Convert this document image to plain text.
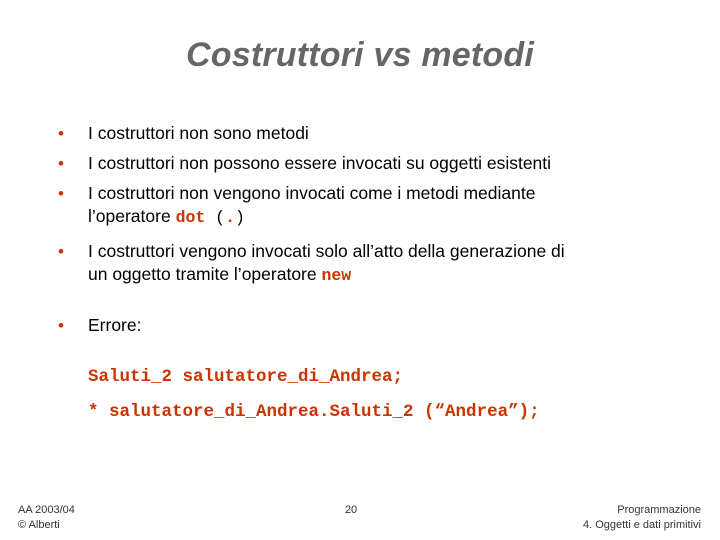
Costruttori vs metodi
• I costruttori non sono metodi
• I costruttori non possono essere invocati su oggetti esistenti
• I costruttori non vengono invocati come i metodi mediante
l’operatore dot (.)
• I costruttori vengono invocati solo all’atto della generazione di
un oggetto tramite l’operatore new
• Errore:
Saluti_2 salutatore_di_Andrea;
* salutatore_di_Andrea.Saluti_2 (“Andrea”);
AA 2003/04
© Alberti
20	Programmazione
4. Oggetti e dati primitivi
